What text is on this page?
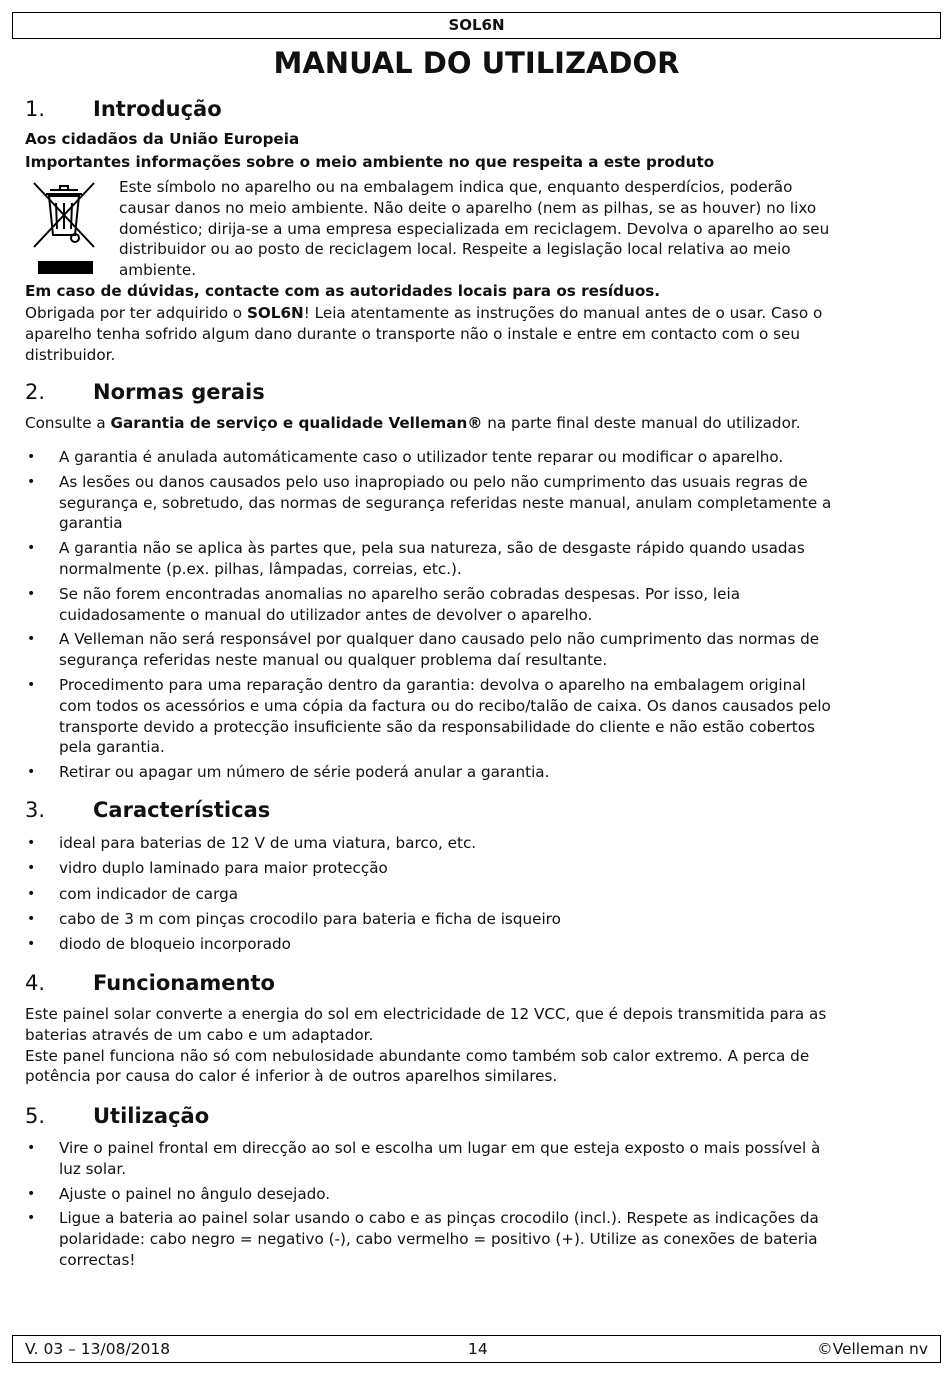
SOL6N
MANUAL DO UTILIZADOR
1. Introdução
Aos cidadãos da União Europeia
Importantes informações sobre o meio ambiente no que respeita a este produto
Este símbolo no aparelho ou na embalagem indica que, enquanto desperdícios, poderão
causar danos no meio ambiente. Não deite o aparelho (nem as pilhas, se as houver) no lixo
doméstico; dirija-se a uma empresa especializada em reciclagem. Devolva o aparelho ao seu
distribuidor ou ao posto de reciclagem local. Respeite a legislação local relativa ao meio
ambiente.
Em caso de dúvidas, contacte com as autoridades locais para os resíduos.
Obrigada por ter adquirido o SOL6N! Leia atentamente as instruções do manual antes de o usar. Caso o
aparelho tenha sofrido algum dano durante o transporte não o instale e entre em contacto com o seu
distribuidor.
2. Normas gerais
Consulte a Garantia de serviço e qualidade Velleman® na parte final deste manual do utilizador.
• A garantia é anulada automáticamente caso o utilizador tente reparar ou modificar o aparelho.
• As lesões ou danos causados pelo uso inapropiado ou pelo não cumprimento das usuais regras de
segurança e, sobretudo, das normas de segurança referidas neste manual, anulam completamente a
garantia
• A garantia não se aplica às partes que, pela sua natureza, são de desgaste rápido quando usadas
normalmente (p.ex. pilhas, lâmpadas, correias, etc.).
• Se não forem encontradas anomalias no aparelho serão cobradas despesas. Por isso, leia
cuidadosamente o manual do utilizador antes de devolver o aparelho.
• A Velleman não será responsável por qualquer dano causado pelo não cumprimento das normas de
segurança referidas neste manual ou qualquer problema daí resultante.
• Procedimento para uma reparação dentro da garantia: devolva o aparelho na embalagem original
com todos os acessórios e uma cópia da factura ou do recibo/talão de caixa. Os danos causados pelo
transporte devido a protecção insuficiente são da responsabilidade do cliente e não estão cobertos
pela garantia.
• Retirar ou apagar um número de série poderá anular a garantia.
3. Características
• ideal para baterias de 12 V de uma viatura, barco, etc.
• vidro duplo laminado para maior protecção
• com indicador de carga
• cabo de 3 m com pinças crocodilo para bateria e ficha de isqueiro
• diodo de bloqueio incorporado
4. Funcionamento
Este painel solar converte a energia do sol em electricidade de 12 VCC, que é depois transmitida para as
baterias através de um cabo e um adaptador.
Este panel funciona não só com nebulosidade abundante como também sob calor extremo. A perca de
potência por causa do calor é inferior à de outros aparelhos similares.
5. Utilização
• Vire o painel frontal em direcção ao sol e escolha um lugar em que esteja exposto o mais possível à
luz solar.
• Ajuste o painel no ângulo desejado.
• Ligue a bateria ao painel solar usando o cabo e as pinças crocodilo (incl.). Respete as indicações da
polaridade: cabo negro = negativo (-), cabo vermelho = positivo (+). Utilize as conexões de bateria
correctas!
V. 03 – 13/08/2018	14	©Velleman nv
